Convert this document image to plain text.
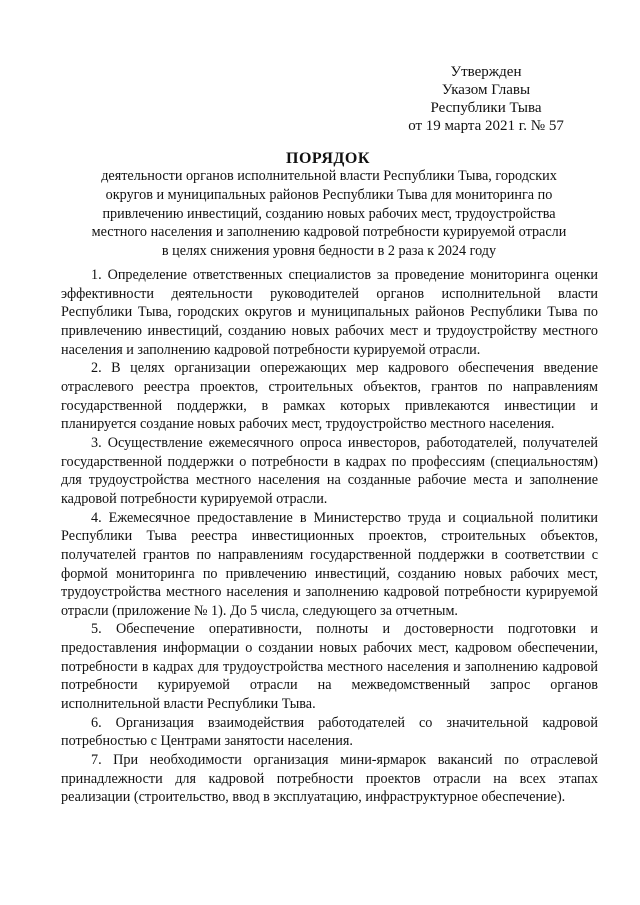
Утвержден
Указом Главы
Республики Тыва
от 19 марта 2021 г. № 57
ПОРЯДОК
деятельности органов исполнительной власти Республики Тыва, городских
округов и муниципальных районов Республики Тыва для мониторинга по
привлечению инвестиций, созданию новых рабочих мест, трудоустройства
местного населения и заполнению кадровой потребности курируемой отрасли
в целях снижения уровня бедности в 2 раза к 2024 году

1. Определение ответственных специалистов за проведение мониторинга оценки эффективности деятельности руководителей органов исполнительной власти Республики Тыва, городских округов и муниципальных районов Республики Тыва по привлечению инвестиций, созданию новых рабочих мест и трудоустройству местного населения и заполнению кадровой потребности курируемой отрасли.

2. В целях организации опережающих мер кадрового обеспечения введение отраслевого реестра проектов, строительных объектов, грантов по направлениям государственной поддержки, в рамках которых привлекаются инвестиции и планируется создание новых рабочих мест, трудоустройство местного населения.

3. Осуществление ежемесячного опроса инвесторов, работодателей, получателей государственной поддержки о потребности в кадрах по профессиям (специальностям) для трудоустройства местного населения на созданные рабочие места и заполнение кадровой потребности курируемой отрасли.

4. Ежемесячное предоставление в Министерство труда и социальной политики Республики Тыва реестра инвестиционных проектов, строительных объектов, получателей грантов по направлениям государственной поддержки в соответствии с формой мониторинга по привлечению инвестиций, созданию новых рабочих мест, трудоустройства местного населения и заполнению кадровой потребности курируемой отрасли (приложение № 1). До 5 числа, следующего за отчетным.

5. Обеспечение оперативности, полноты и достоверности подготовки и предоставления информации о создании новых рабочих мест, кадровом обеспечении, потребности в кадрах для трудоустройства местного населения и заполнению кадровой потребности курируемой отрасли на межведомственный запрос органов исполнительной власти Республики Тыва.

6. Организация взаимодействия работодателей со значительной кадровой потребностью с Центрами занятости населения.

7. При необходимости организация мини-ярмарок вакансий по отраслевой принадлежности для кадровой потребности проектов отрасли на всех этапах реализации (строительство, ввод в эксплуатацию, инфраструктурное обеспечение).
